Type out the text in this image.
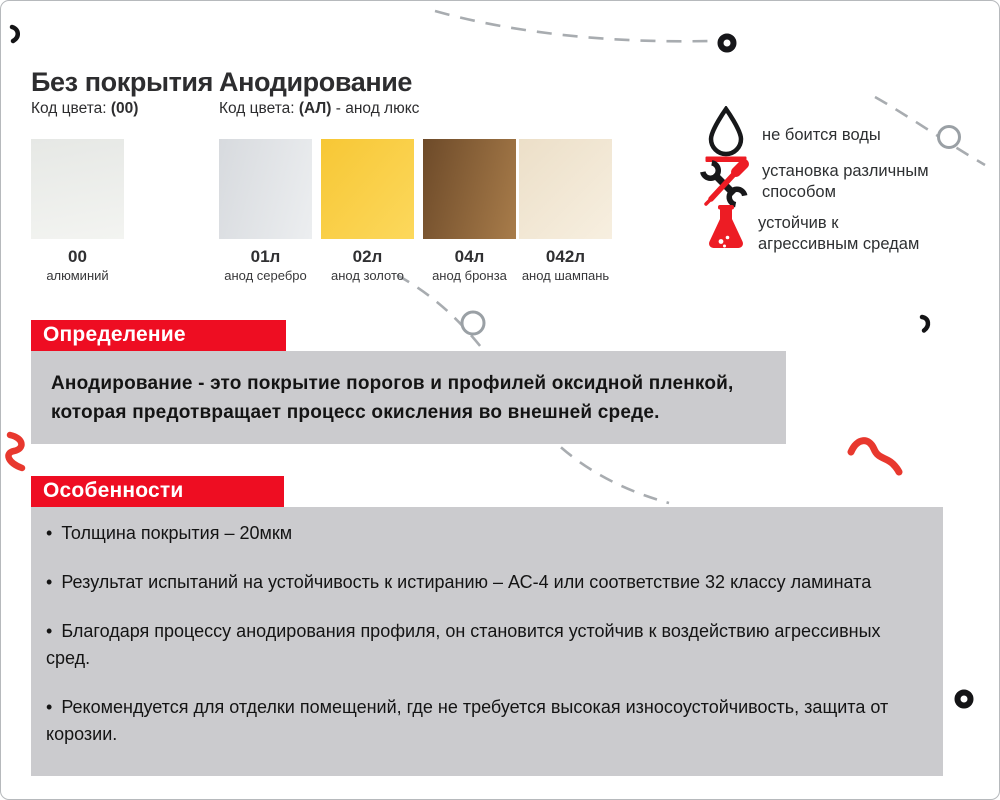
Без покрытия
Код цвета: (00)
Анодирование
Код цвета: (АЛ) - анод люкс
00
алюминий
01л
анод серебро
02л
анод золото
04л
анод бронза
042л
анод шампань
не боится воды
установка различным способом
устойчив к агрессивным средам
Определение
Анодирование - это покрытие порогов и профилей оксидной пленкой, которая предотвращает процесс окисления во внешней среде.
Особенности
• Толщина покрытия – 20мкм
• Результат испытаний на устойчивость к истиранию – АС-4 или соответствие 32 классу ламината
• Благодаря процессу анодирования профиля, он становится устойчив к воздействию агрессивных сред.
• Рекомендуется для отделки помещений, где не требуется высокая износоустойчивость, защита от корозии.
